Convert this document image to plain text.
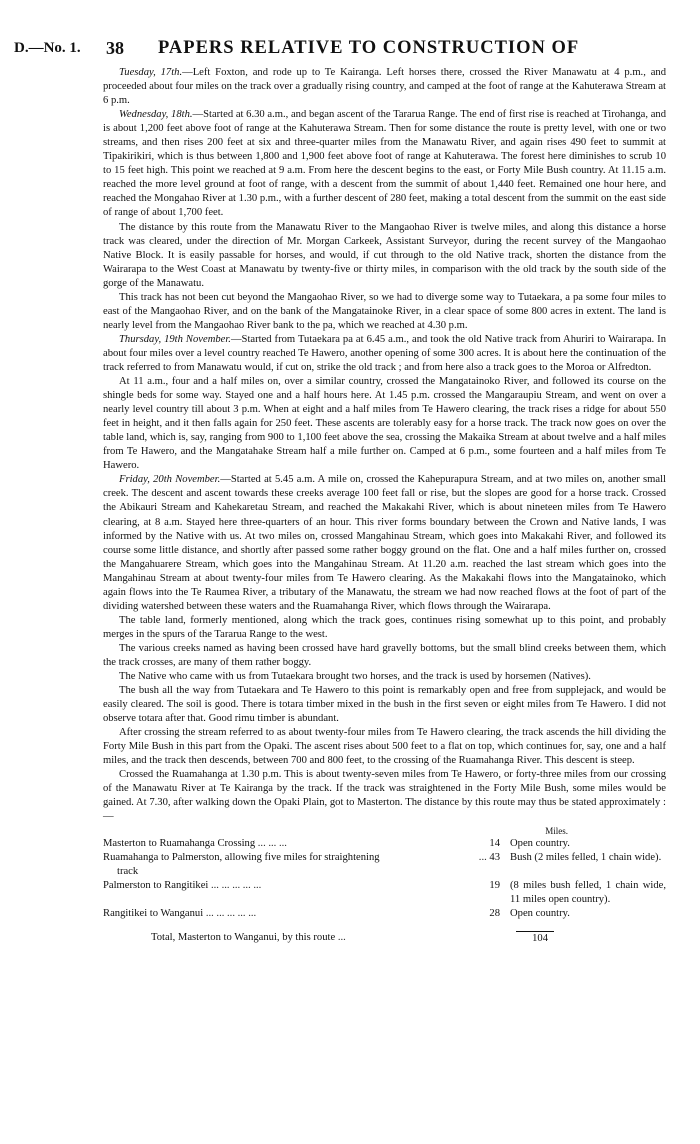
D.—No. 1. 38 PAPERS RELATIVE TO CONSTRUCTION OF

Tuesday, 17th.—Left Foxton, and rode up to Te Kairanga. Left horses there, crossed the River Manawatu at 4 p.m., and proceeded about four miles on the track over a gradually rising country, and camped at the foot of range at the Kahuterawa Stream at 6 p.m.

Wednesday, 18th.—Started at 6.30 a.m., and began ascent of the Tararua Range. The end of first rise is reached at Tirohanga, and is about 1,200 feet above foot of range at the Kahuterawa Stream. Then for some distance the route is pretty level, with one or two streams, and then rises 200 feet at six and three-quarter miles from the Manawatu River, and again rises 490 feet to summit at Tipakirikiri, which is thus between 1,800 and 1,900 feet above foot of range at Kahuterawa. The forest here diminishes to scrub 10 to 15 feet high. This point we reached at 9 a.m. From here the descent begins to the east, or Forty Mile Bush country. At 11.15 a.m. reached the more level ground at foot of range, with a descent from the summit of about 1,440 feet. Remained one hour here, and reached the Mongahao River at 1.30 p.m., with a further descent of 280 feet, making a total descent from the summit on the east side of range of about 1,700 feet.

The distance by this route from the Manawatu River to the Mangaohao River is twelve miles, and along this distance a horse track was cleared, under the direction of Mr. Morgan Carkeek, Assistant Surveyor, during the recent survey of the Mangaohao Native Block. It is easily passable for horses, and would, if cut through to the old Native track, shorten the distance from the Wairarapa to the West Coast at Manawatu by twenty-five or thirty miles, in comparison with the old track by the south side of the gorge of the Manawatu.

This track has not been cut beyond the Mangaohao River, so we had to diverge some way to Tutaekara, a pa some four miles to east of the Mangaohao River, and on the bank of the Mangatainoke River, in a clear space of some 800 acres in extent. The land is nearly level from the Mangaohao River bank to the pa, which we reached at 4.30 p.m.

Thursday, 19th November.—Started from Tutaekara pa at 6.45 a.m., and took the old Native track from Ahuriri to Wairarapa. In about four miles over a level country reached Te Hawero, another opening of some 300 acres. It is about here the continuation of the track referred to from Manawatu would, if cut on, strike the old track ; and from here also a track goes to the Moroa or Alfredton.

At 11 a.m., four and a half miles on, over a similar country, crossed the Mangatainoko River, and followed its course on the shingle beds for some way. Stayed one and a half hours here. At 1.45 p.m. crossed the Mangaraupiu Stream, and went on over a nearly level country till about 3 p.m. When at eight and a half miles from Te Hawero clearing, the track rises a ridge for about 550 feet in height, and it then falls again for 250 feet. These ascents are tolerably easy for a horse track. The track now goes on over the table land, which is, say, ranging from 900 to 1,100 feet above the sea, crossing the Makaika Stream at about twelve and a half miles from Te Hawero, and the Mangatahake Stream half a mile further on. Camped at 6 p.m., some fourteen and a half miles from Te Hawero.

Friday, 20th November.—Started at 5.45 a.m. A mile on, crossed the Kahepurapura Stream, and at two miles on, another small creek. The descent and ascent towards these creeks average 100 feet fall or rise, but the slopes are good for a horse track. Crossed the Abikauri Stream and Kahekaretau Stream, and reached the Makakahi River, which is about nineteen miles from Te Hawero clearing, at 8 a.m. Stayed here three-quarters of an hour. This river forms boundary between the Crown and Native lands, I was informed by the Native with us. At two miles on, crossed Mangahinau Stream, which goes into Makakahi River, and followed its course some little distance, and shortly after passed some rather boggy ground on the flat. One and a half miles further on, crossed the Mangahuarere Stream, which goes into the Mangahinau Stream. At 11.20 a.m. reached the last stream which goes into the Mangahinau Stream at about twenty-four miles from Te Hawero clearing. As the Makakahi flows into the Mangatainoko, which again flows into the Te Raumea River, a tributary of the Manawatu, the stream we had now reached flows at the foot of part of the dividing watershed between these waters and the Ruamahanga River, which flows through the Wairarapa.

The table land, formerly mentioned, along which the track goes, continues rising somewhat up to this point, and probably merges in the spurs of the Tararua Range to the west.

The various creeks named as having been crossed have hard gravelly bottoms, but the small blind creeks between them, which the track crosses, are many of them rather boggy.

The Native who came with us from Tutaekara brought two horses, and the track is used by horsemen (Natives).

The bush all the way from Tutaekara and Te Hawero to this point is remarkably open and free from supplejack, and would be easily cleared. The soil is good. There is totara timber mixed in the bush in the first seven or eight miles from Te Hawero. I did not observe totara after that. Good rimu timber is abundant.

After crossing the stream referred to as about twenty-four miles from Te Hawero clearing, the track ascends the hill dividing the Forty Mile Bush in this part from the Opaki. The ascent rises about 500 feet to a flat on top, which continues for, say, one and a half miles, and the track then descends, between 700 and 800 feet, to the crossing of the Ruamahanga River. This descent is steep.

Crossed the Ruamahanga at 1.30 p.m. This is about twenty-seven miles from Te Hawero, or forty-three miles from our crossing of the Manawatu River at Te Kairanga by the track. If the track was straightened in the Forty Mile Bush, some miles would be gained. At 7.30, after walking down the Opaki Plain, got to Masterton. The distance by this route may thus be stated approximately :—

Miles.
Masterton to Ruamahanga Crossing ... ... ...	14	Open country.
Ruamahanga to Palmerston, allowing five miles for straightening
track	... 43	Bush (2 miles felled, 1 chain wide).
Palmerston to Rangitikei ... ... ... ... ...	19	(8 miles bush felled, 1 chain wide, 11 miles open country).
Rangitikei to Wanganui ... ... ... ... ...	28	Open country.
Total, Masterton to Wanganui, by this route ...	104	
